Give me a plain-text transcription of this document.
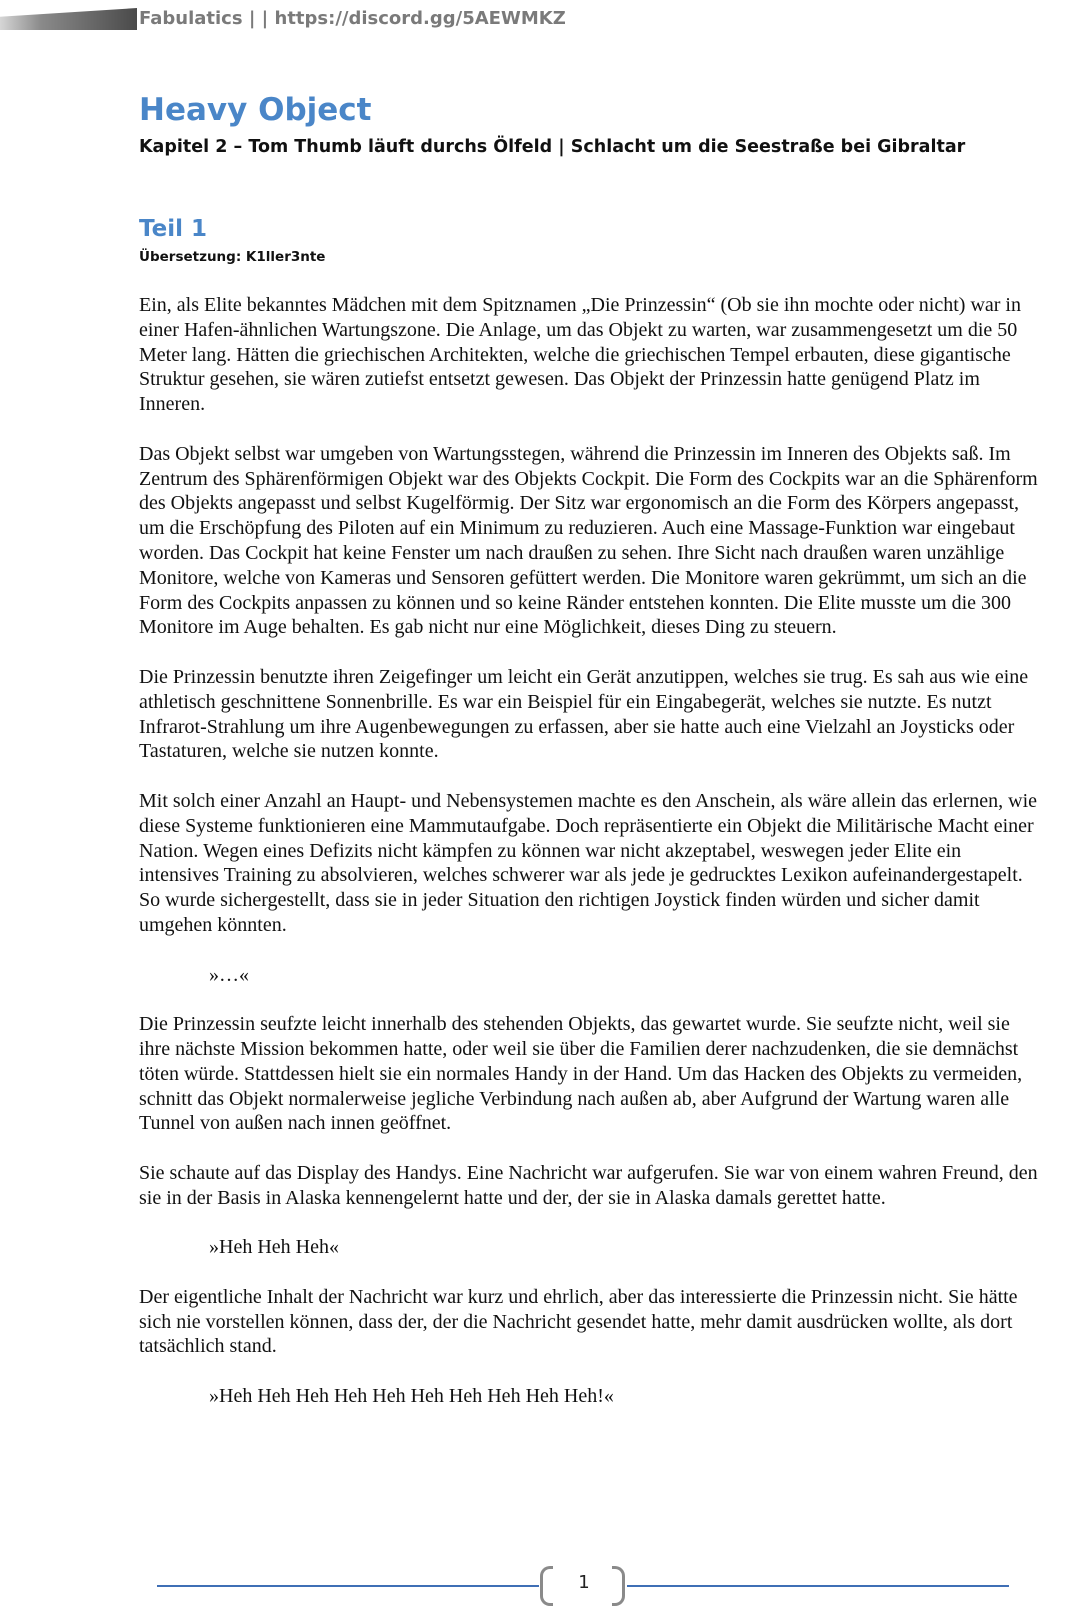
Fabulatics | | https://discord.gg/5AEWMKZ
Heavy Object
Kapitel 2 – Tom Thumb läuft durchs Ölfeld | Schlacht um die Seestraße bei Gibraltar
Teil 1
Übersetzung: K1ller3nte

Ein, als Elite bekanntes Mädchen mit dem Spitznamen „Die Prinzessin“ (Ob sie ihn mochte oder nicht) war in einer Hafen-ähnlichen Wartungszone. Die Anlage, um das Objekt zu warten, war zusammengesetzt um die 50 Meter lang. Hätten die griechischen Architekten, welche die griechischen Tempel erbauten, diese gigantische Struktur gesehen, sie wären zutiefst entsetzt gewesen. Das Objekt der Prinzessin hatte genügend Platz im Inneren.

Das Objekt selbst war umgeben von Wartungsstegen, während die Prinzessin im Inneren des Objekts saß. Im Zentrum des Sphärenförmigen Objekt war des Objekts Cockpit. Die Form des Cockpits war an die Sphärenform des Objekts angepasst und selbst Kugelförmig. Der Sitz war ergonomisch an die Form des Körpers angepasst, um die Erschöpfung des Piloten auf ein Minimum zu reduzieren. Auch eine Massage-Funktion war eingebaut worden. Das Cockpit hat keine Fenster um nach draußen zu sehen. Ihre Sicht nach draußen waren unzählige Monitore, welche von Kameras und Sensoren gefüttert werden. Die Monitore waren gekrümmt, um sich an die Form des Cockpits anpassen zu können und so keine Ränder entstehen konnten. Die Elite musste um die 300 Monitore im Auge behalten. Es gab nicht nur eine Möglichkeit, dieses Ding zu steuern.

Die Prinzessin benutzte ihren Zeigefinger um leicht ein Gerät anzutippen, welches sie trug. Es sah aus wie eine athletisch geschnittene Sonnenbrille. Es war ein Beispiel für ein Eingabegerät, welches sie nutzte. Es nutzt Infrarot-Strahlung um ihre Augenbewegungen zu erfassen, aber sie hatte auch eine Vielzahl an Joysticks oder Tastaturen, welche sie nutzen konnte.

Mit solch einer Anzahl an Haupt- und Nebensystemen machte es den Anschein, als wäre allein das erlernen, wie diese Systeme funktionieren eine Mammutaufgabe. Doch repräsentierte ein Objekt die Militärische Macht einer Nation. Wegen eines Defizits nicht kämpfen zu können war nicht akzeptabel, weswegen jeder Elite ein intensives Training zu absolvieren, welches schwerer war als jede je gedrucktes Lexikon aufeinandergestapelt. So wurde sichergestellt, dass sie in jeder Situation den richtigen Joystick finden würden und sicher damit umgehen könnten.

»…«

Die Prinzessin seufzte leicht innerhalb des stehenden Objekts, das gewartet wurde. Sie seufzte nicht, weil sie ihre nächste Mission bekommen hatte, oder weil sie über die Familien derer nachzudenken, die sie demnächst töten würde. Stattdessen hielt sie ein normales Handy in der Hand. Um das Hacken des Objekts zu vermeiden, schnitt das Objekt normalerweise jegliche Verbindung nach außen ab, aber Aufgrund der Wartung waren alle Tunnel von außen nach innen geöffnet.

Sie schaute auf das Display des Handys. Eine Nachricht war aufgerufen. Sie war von einem wahren Freund, den sie in der Basis in Alaska kennengelernt hatte und der, der sie in Alaska damals gerettet hatte.

»Heh Heh Heh«

Der eigentliche Inhalt der Nachricht war kurz und ehrlich, aber das interessierte die Prinzessin nicht. Sie hätte sich nie vorstellen können, dass der, der die Nachricht gesendet hatte, mehr damit ausdrücken wollte, als dort tatsächlich stand.

»Heh Heh Heh Heh Heh Heh Heh Heh Heh Heh!«

1
